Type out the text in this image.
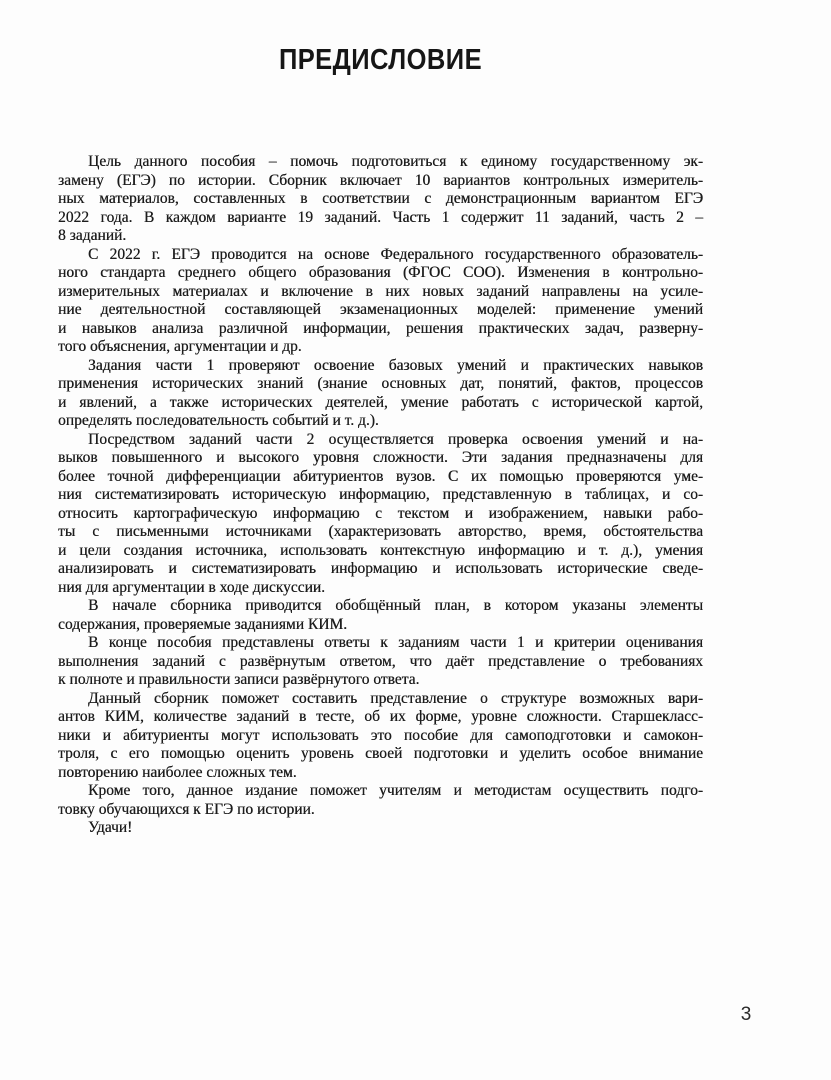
ПРЕДИСЛОВИЕ
Цель данного пособия – помочь подготовиться к единому государственному эк-
замену (ЕГЭ) по истории. Сборник включает 10 вариантов контрольных измеритель-
ных материалов, составленных в соответствии с демонстрационным вариантом ЕГЭ
2022 года. В каждом варианте 19 заданий. Часть 1 содержит 11 заданий, часть 2 –
8 заданий.
С 2022 г. ЕГЭ проводится на основе Федерального государственного образователь-
ного стандарта среднего общего образования (ФГОС СОО). Изменения в контрольно-
измерительных материалах и включение в них новых заданий направлены на усиле-
ние деятельностной составляющей экзаменационных моделей: применение умений
и навыков анализа различной информации, решения практических задач, разверну-
того объяснения, аргументации и др.
Задания части 1 проверяют освоение базовых умений и практических навыков
применения исторических знаний (знание основных дат, понятий, фактов, процессов
и явлений, а также исторических деятелей, умение работать с исторической картой,
определять последовательность событий и т. д.).
Посредством заданий части 2 осуществляется проверка освоения умений и на-
выков повышенного и высокого уровня сложности. Эти задания предназначены для
более точной дифференциации абитуриентов вузов. С их помощью проверяются уме-
ния систематизировать историческую информацию, представленную в таблицах, и со-
относить картографическую информацию с текстом и изображением, навыки рабо-
ты с письменными источниками (характеризовать авторство, время, обстоятельства
и цели создания источника, использовать контекстную информацию и т. д.), умения
анализировать и систематизировать информацию и использовать исторические сведе-
ния для аргументации в ходе дискуссии.
В начале сборника приводится обобщённый план, в котором указаны элементы
содержания, проверяемые заданиями КИМ.
В конце пособия представлены ответы к заданиям части 1 и критерии оценивания
выполнения заданий с развёрнутым ответом, что даёт представление о требованиях
к полноте и правильности записи развёрнутого ответа.
Данный сборник поможет составить представление о структуре возможных вари-
антов КИМ, количестве заданий в тесте, об их форме, уровне сложности. Старшекласс-
ники и абитуриенты могут использовать это пособие для самоподготовки и самокон-
троля, с его помощью оценить уровень своей подготовки и уделить особое внимание
повторению наиболее сложных тем.
Кроме того, данное издание поможет учителям и методистам осуществить подго-
товку обучающихся к ЕГЭ по истории.
Удачи!
3
